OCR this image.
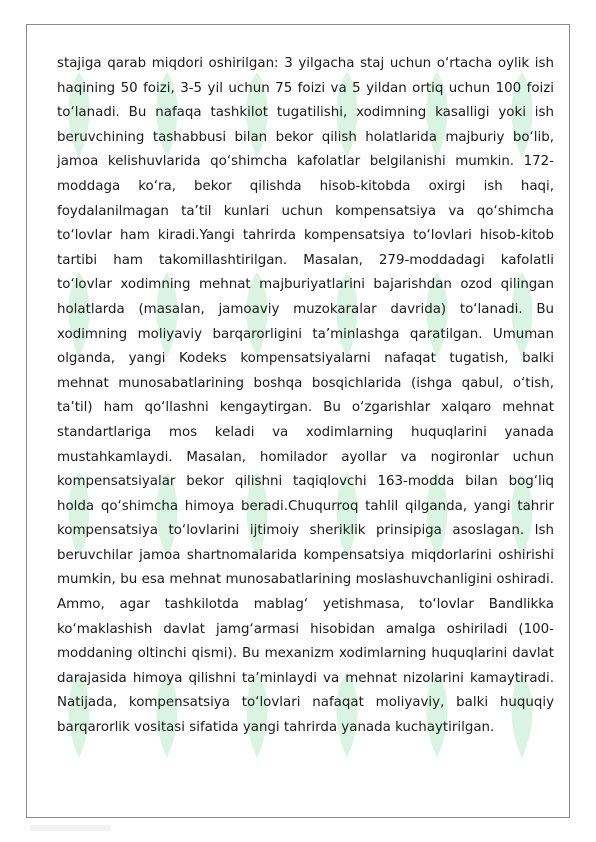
stajiga qarab miqdori oshirilgan: 3 yilgacha staj uchun o‘rtacha oylik ish haqining 50 foizi, 3-5 yil uchun 75 foizi va 5 yildan ortiq uchun 100 foizi to‘lanadi. Bu nafaqa tashkilot tugatilishi, xodimning kasalligi yoki ish beruvchining tashabbusi bilan bekor qilish holatlarida majburiy bo‘lib, jamoa kelishuvlarida qo‘shimcha kafolatlar belgilanishi mumkin. 172-moddaga ko‘ra, bekor qilishda hisob-kitobda oxirgi ish haqi, foydalanilmagan ta’til kunlari uchun kompensatsiya va qo‘shimcha to‘lovlar ham kiradi.Yangi tahrirda kompensatsiya to‘lovlari hisob-kitob tartibi ham takomillashtirilgan. Masalan, 279-moddadagi kafolatli to‘lovlar xodimning mehnat majburiyatlarini bajarishdan ozod qilingan holatlarda (masalan, jamoaviy muzokaralar davrida) to‘lanadi. Bu xodimning moliyaviy barqarorligini ta’minlashga qaratilgan. Umuman olganda, yangi Kodeks kompensatsiyalarni nafaqat tugatish, balki mehnat munosabatlarining boshqa bosqichlarida (ishga qabul, o‘tish, ta’til) ham qo‘llashni kengaytirgan. Bu o‘zgarishlar xalqaro mehnat standartlariga mos keladi va xodimlarning huquqlarini yanada mustahkamlaydi. Masalan, homilador ayollar va nogironlar uchun kompensatsiyalar bekor qilishni taqiqlovchi 163-modda bilan bog‘liq holda qo‘shimcha himoya beradi.Chuqurroq tahlil qilganda, yangi tahrir kompensatsiya to‘lovlarini ijtimoiy sheriklik prinsipiga asoslagan. Ish beruvchilar jamoa shartnomalarida kompensatsiya miqdorlarini oshirishi mumkin, bu esa mehnat munosabatlarining moslashuvchanligini oshiradi. Ammo, agar tashkilotda mablag‘ yetishmasa, to‘lovlar Bandlikka ko‘maklashish davlat jamg‘armasi hisobidan amalga oshiriladi (100-moddaning oltinchi qismi). Bu mexanizm xodimlarning huquqlarini davlat darajasida himoya qilishni ta’minlaydi va mehnat nizolarini kamaytiradi. Natijada, kompensatsiya to‘lovlari nafaqat moliyaviy, balki huquqiy barqarorlik vositasi sifatida yangi tahrirda yanada kuchaytirilgan.
